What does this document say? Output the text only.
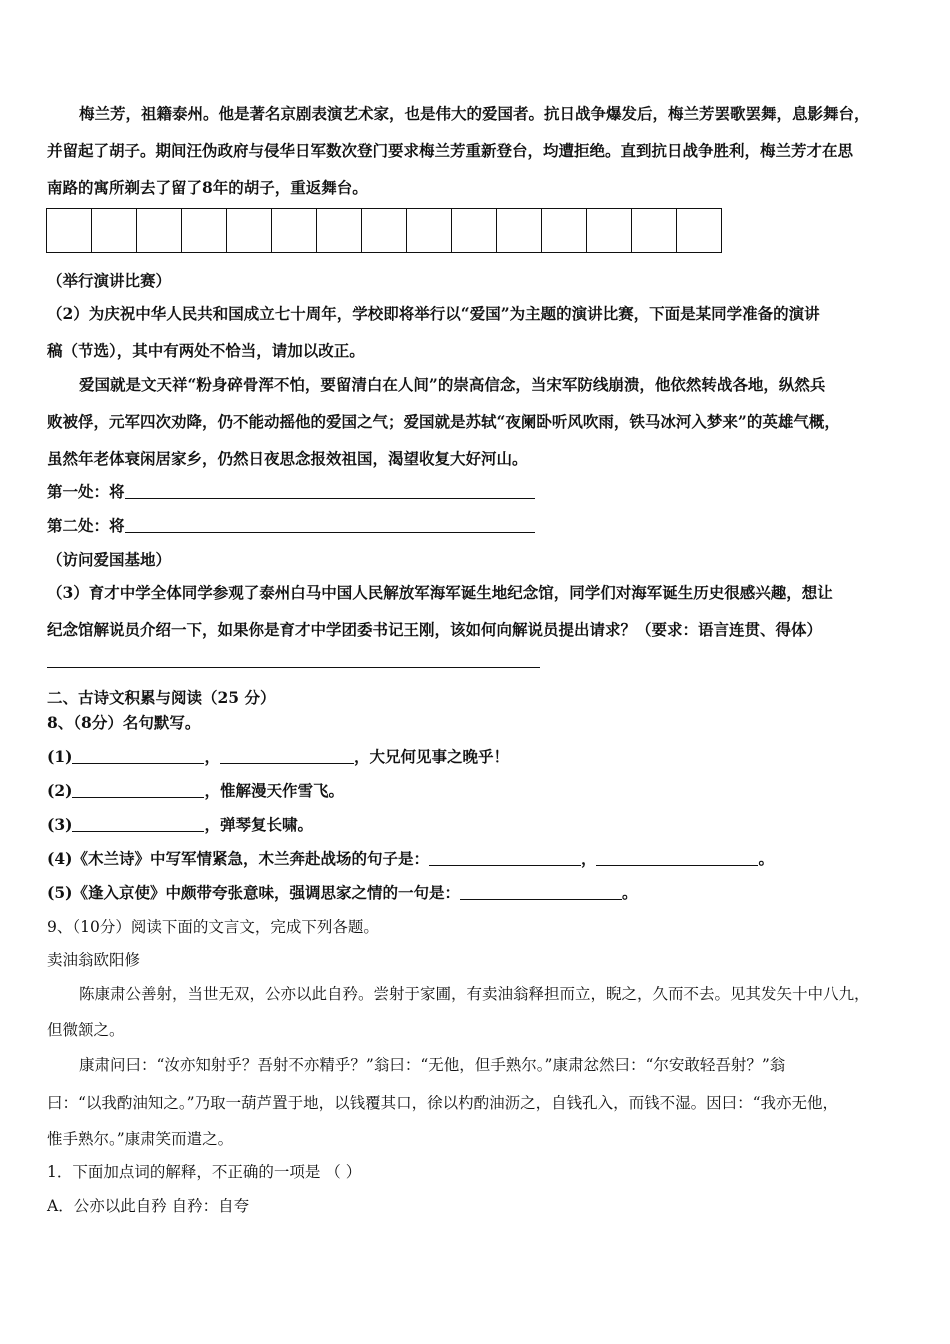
梅兰芳，祖籍泰州。他是著名京剧表演艺术家，也是伟大的爱国者。抗日战争爆发后，梅兰芳罢歌罢舞，息影舞台，
并留起了胡子。期间汪伪政府与侵华日军数次登门要求梅兰芳重新登台，均遭拒绝。直到抗日战争胜利，梅兰芳才在思
南路的寓所剃去了留了8年的胡子，重返舞台。
（举行演讲比赛）
（2）为庆祝中华人民共和国成立七十周年，学校即将举行以“爱国”为主题的演讲比赛，下面是某同学准备的演讲
稿（节选），其中有两处不恰当，请加以改正。
爱国就是文天祥“粉身碎骨浑不怕，要留清白在人间”的崇高信念，当宋军防线崩溃，他依然转战各地，纵然兵
败被俘，元军四次劝降，仍不能动摇他的爱国之气；爱国就是苏轼“夜阑卧听风吹雨，铁马冰河入梦来”的英雄气概，
虽然年老体衰闲居家乡，仍然日夜思念报效祖国，渴望收复大好河山。
第一处：将
第二处：将
（访问爱国基地）
（3）育才中学全体同学参观了泰州白马中国人民解放军海军诞生地纪念馆，同学们对海军诞生历史很感兴趣，想让
纪念馆解说员介绍一下，如果你是育才中学团委书记王刚，该如何向解说员提出请求？（要求：语言连贯、得体）
二、古诗文积累与阅读（25 分）
8、（8分）名句默写。
(1)	，	，大兄何见事之晚乎！
(2)	，惟解漫天作雪飞。
(3)	，弹琴复长啸。
(4)《木兰诗》中写军情紧急，木兰奔赴战场的句子是：	，	。
(5)《逢入京使》中颇带夸张意味，强调思家之情的一句是：	。
9、（10分）阅读下面的文言文，完成下列各题。
卖油翁欧阳修
陈康肃公善射，当世无双，公亦以此自矜。尝射于家圃，有卖油翁释担而立，睨之，久而不去。见其发矢十中八九，
但微颔之。
康肃问曰：“汝亦知射乎？吾射不亦精乎？”翁曰：“无他，但手熟尔。”康肃忿然曰：“尔安敢轻吾射？”翁
曰：“以我酌油知之。”乃取一葫芦置于地，以钱覆其口，徐以杓酌油沥之，自钱孔入，而钱不湿。因曰：“我亦无他，
惟手熟尔。”康肃笑而遣之。
1．下面加点词的解释，不正确的一项是 （ ）
A．公亦以此自矜 自矜：自夸
